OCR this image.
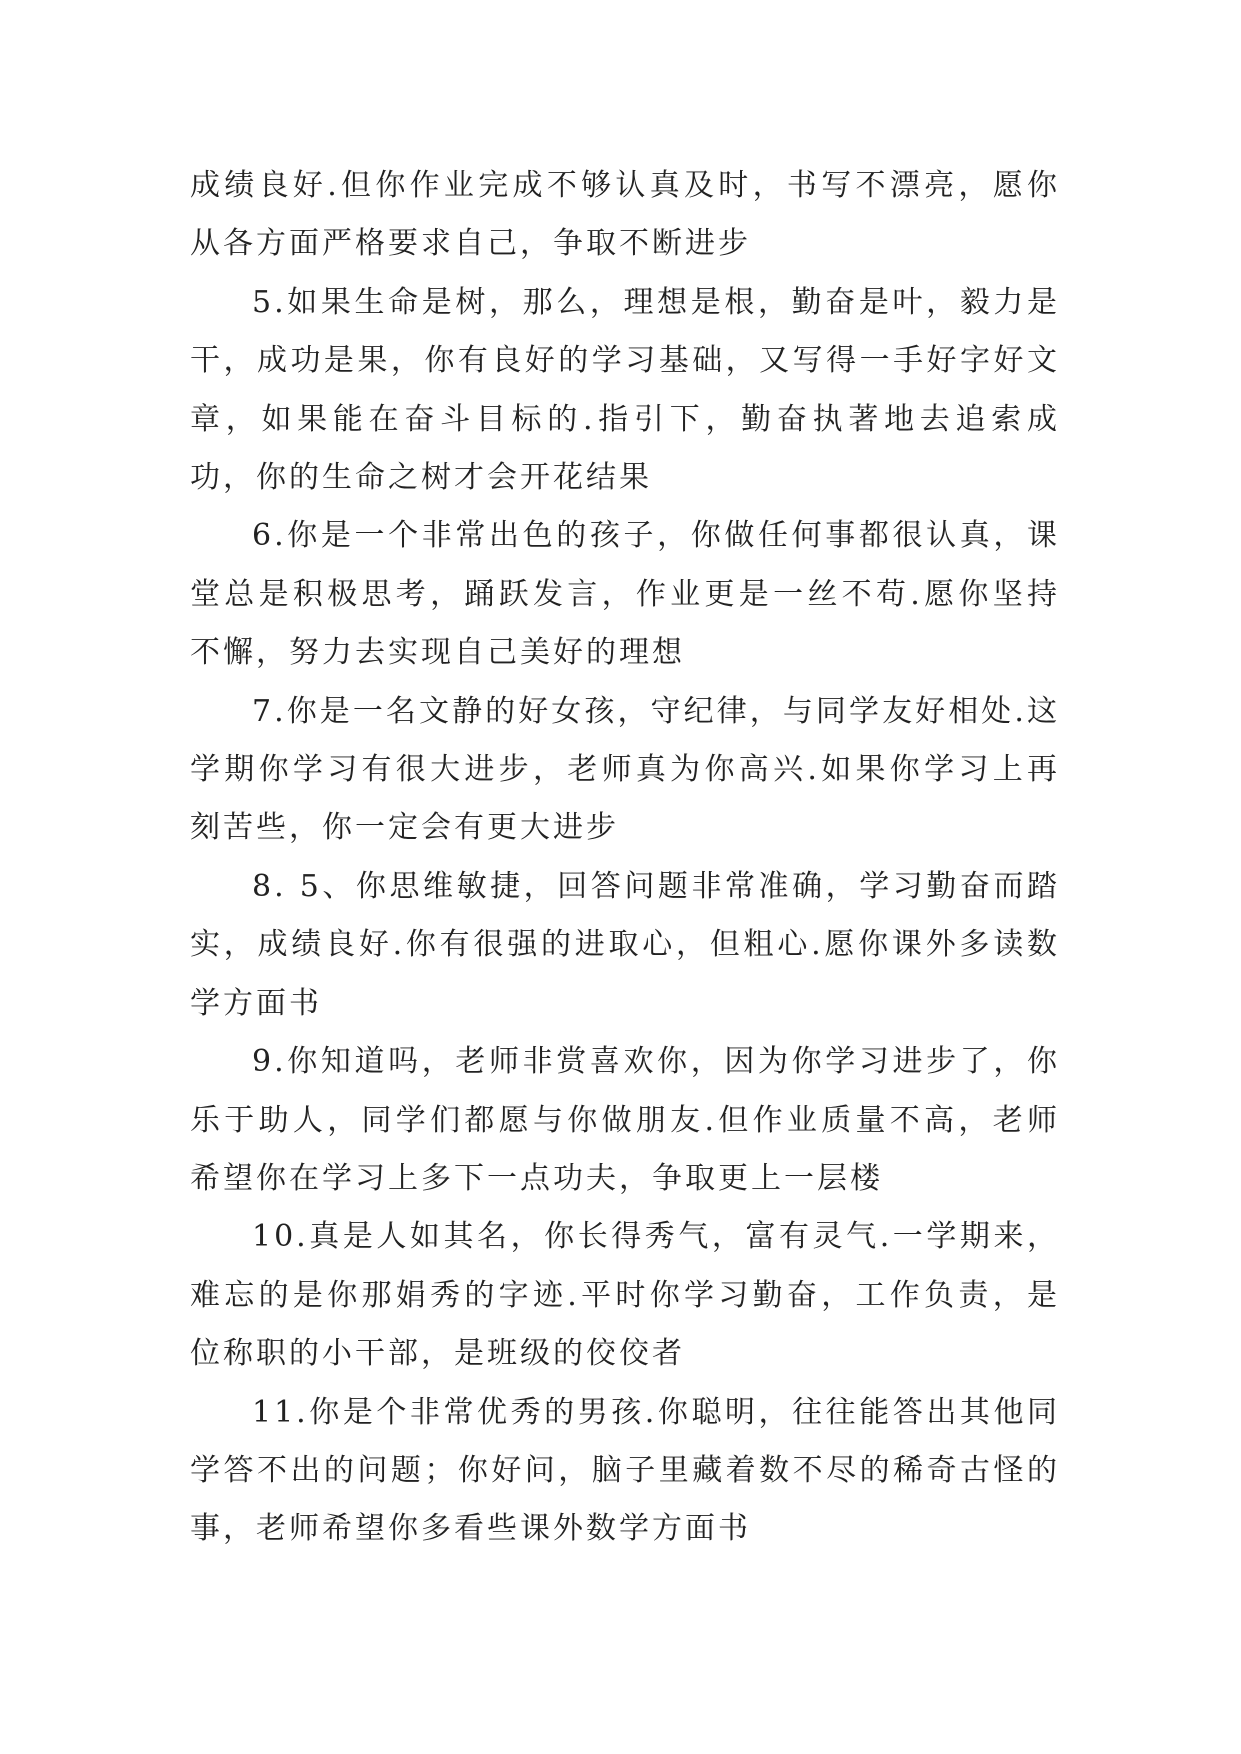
成绩良好.但你作业完成不够认真及时，书写不漂亮，愿你从各方面严格要求自己，争取不断进步

5.如果生命是树，那么，理想是根，勤奋是叶，毅力是干，成功是果，你有良好的学习基础，又写得一手好字好文章，如果能在奋斗目标的.指引下，勤奋执著地去追索成功，你的生命之树才会开花结果

6.你是一个非常出色的孩子，你做任何事都很认真，课堂总是积极思考，踊跃发言，作业更是一丝不苟.愿你坚持不懈，努力去实现自己美好的理想

7.你是一名文静的好女孩，守纪律，与同学友好相处.这学期你学习有很大进步，老师真为你高兴.如果你学习上再刻苦些，你一定会有更大进步

8. 5、你思维敏捷，回答问题非常准确，学习勤奋而踏实，成绩良好.你有很强的进取心，但粗心.愿你课外多读数学方面书

9.你知道吗，老师非赏喜欢你，因为你学习进步了，你乐于助人，同学们都愿与你做朋友.但作业质量不高，老师希望你在学习上多下一点功夫，争取更上一层楼

10.真是人如其名，你长得秀气，富有灵气.一学期来，难忘的是你那娟秀的字迹.平时你学习勤奋，工作负责，是位称职的小干部，是班级的佼佼者

11.你是个非常优秀的男孩.你聪明，往往能答出其他同学答不出的问题；你好问，脑子里藏着数不尽的稀奇古怪的事，老师希望你多看些课外数学方面书
